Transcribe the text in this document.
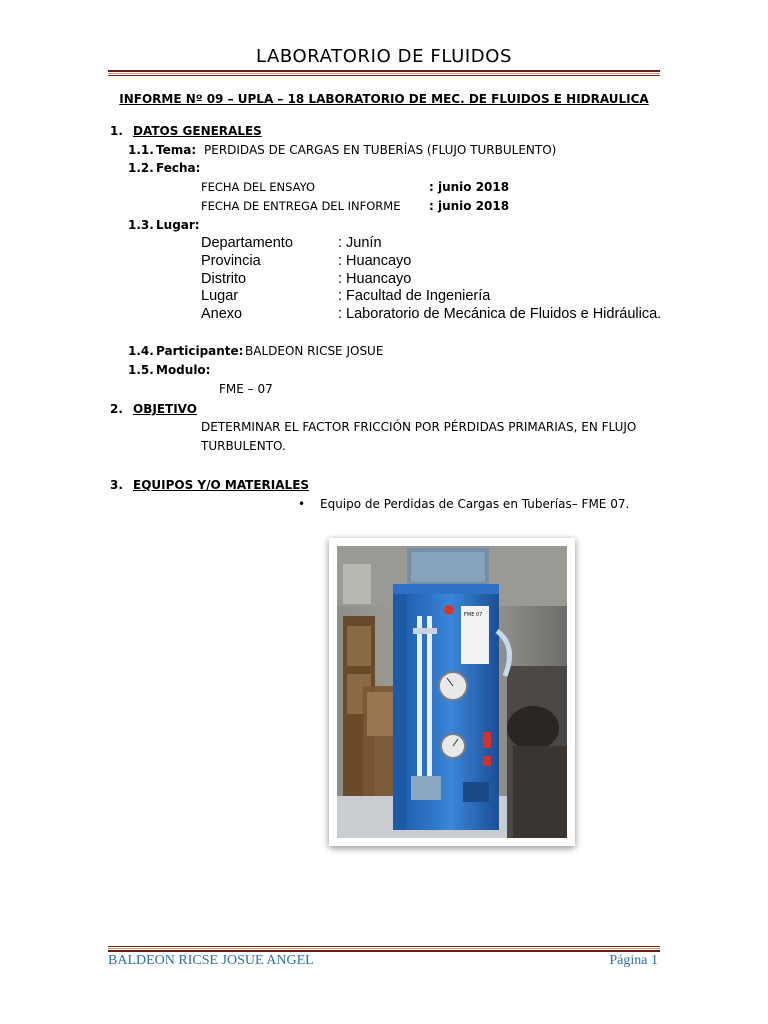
LABORATORIO DE FLUIDOS
INFORME Nº 09 – UPLA – 18 LABORATORIO DE MEC. DE FLUIDOS E HIDRAULICA
1. DATOS GENERALES
1.1. Tema: PERDIDAS DE CARGAS EN TUBERÍAS (FLUJO TURBULENTO)
1.2. Fecha:
FECHA DEL ENSAYO	: junio 2018
FECHA DE ENTREGA DEL INFORME : junio 2018
1.3. Lugar:
Departamento	: Junín
Provincia	: Huancayo
Distrito	: Huancayo
Lugar	: Facultad de Ingeniería
Anexo	: Laboratorio de Mecánica de Fluidos e Hidráulica.
1.4. Participante: BALDEON RICSE JOSUE
1.5. Modulo:
FME – 07
2. OBJETIVO
DETERMINAR EL FACTOR FRICCIÓN POR PÉRDIDAS PRIMARIAS, EN FLUJO
TURBULENTO.
3. EQUIPOS Y/O MATERIALES
• Equipo de Perdidas de Cargas en Tuberías– FME 07.
FME 07
BALDEON RICSE JOSUE ANGEL	Página 1
